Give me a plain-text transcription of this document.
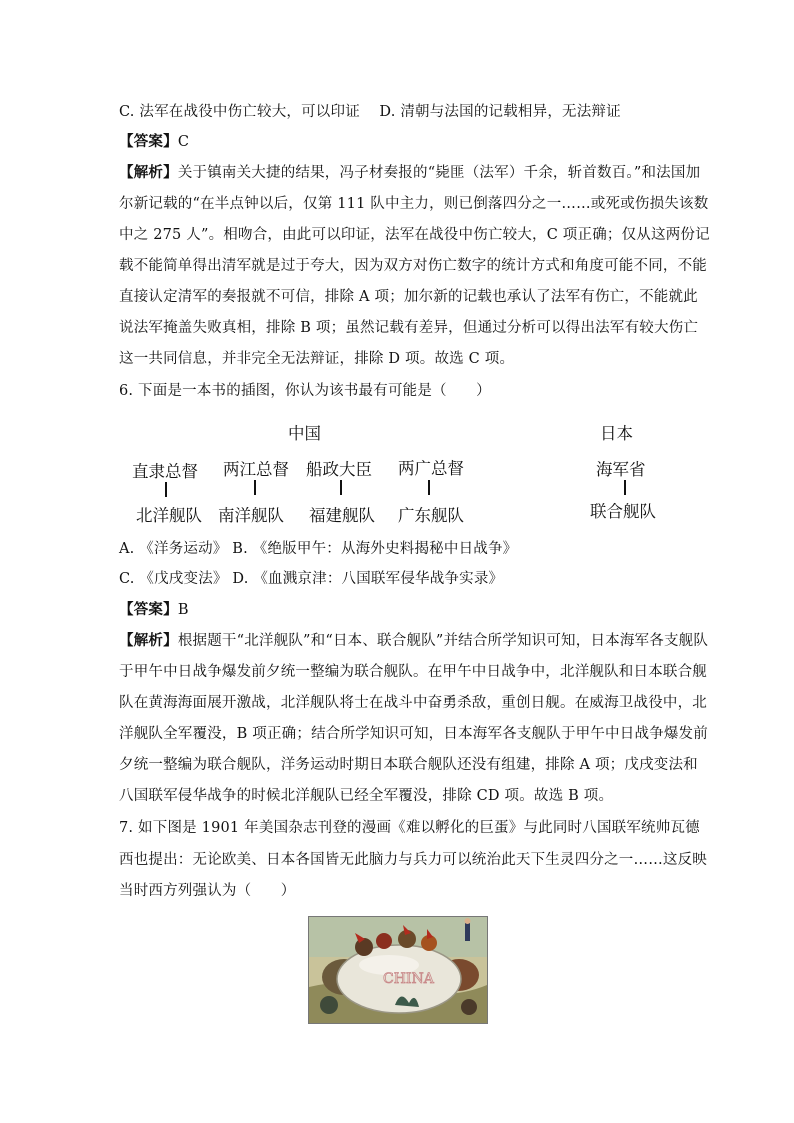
C. 法军在战役中伤亡较大，可以印证　 D. 清朝与法国的记载相异，无法辩证
【答案】C
【解析】关于镇南关大捷的结果，冯子材奏报的“毙匪（法军）千余，斩首数百。”和法国加
尔新记载的“在半点钟以后，仅第 111 队中主力，则已倒落四分之一……或死或伤损失该数
中之 275 人”。相吻合，由此可以印证，法军在战役中伤亡较大，C 项正确；仅从这两份记
载不能简单得出清军就是过于夸大，因为双方对伤亡数字的统计方式和角度可能不同，不能
直接认定清军的奏报就不可信，排除 A 项；加尔新的记载也承认了法军有伤亡，不能就此
说法军掩盖失败真相，排除 B 项；虽然记载有差异，但通过分析可以得出法军有较大伤亡
这一共同信息，并非完全无法辩证，排除 D 项。故选 C 项。
6. 下面是一本书的插图，你认为该书最有可能是（　　）
中国	日本
直隶总督 两江总督 船政大臣 两广总督	海军省
北洋舰队 南洋舰队 福建舰队 广东舰队	联合舰队
A. 《洋务运动》 B. 《绝版甲午：从海外史料揭秘中日战争》
C. 《戊戌变法》 D. 《血溅京津：八国联军侵华战争实录》
【答案】B
【解析】根据题干“北洋舰队”和“日本、联合舰队”并结合所学知识可知，日本海军各支舰队
于甲午中日战争爆发前夕统一整编为联合舰队。在甲午中日战争中，北洋舰队和日本联合舰
队在黄海海面展开激战，北洋舰队将士在战斗中奋勇杀敌，重创日舰。在威海卫战役中，北
洋舰队全军覆没，B 项正确；结合所学知识可知，日本海军各支舰队于甲午中日战争爆发前
夕统一整编为联合舰队，洋务运动时期日本联合舰队还没有组建，排除 A 项；戊戌变法和
八国联军侵华战争的时候北洋舰队已经全军覆没，排除 CD 项。故选 B 项。
7. 如下图是 1901 年美国杂志刊登的漫画《难以孵化的巨蛋》与此同时八国联军统帅瓦德
西也提出：无论欧美、日本各国皆无此脑力与兵力可以统治此天下生灵四分之一……这反映
当时西方列强认为（　　）
CHINA
